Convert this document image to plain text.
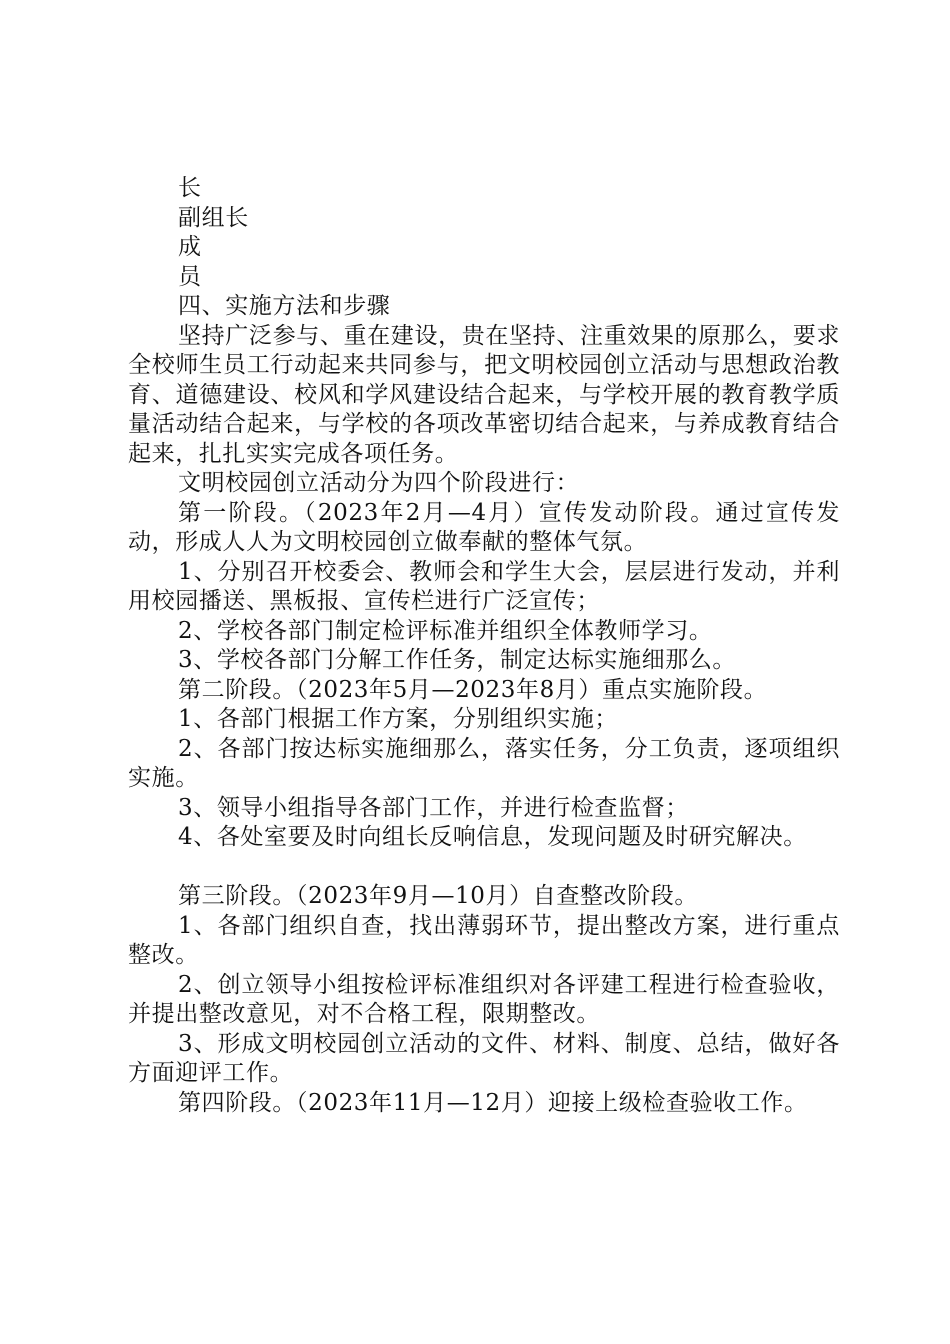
长

副组长

成

员

四、实施方法和步骤

坚持广泛参与、重在建设，贵在坚持、注重效果的原那么，要求全校师生员工行动起来共同参与，把文明校园创立活动与思想政治教育、道德建设、校风和学风建设结合起来，与学校开展的教育教学质量活动结合起来，与学校的各项改革密切结合起来，与养成教育结合起来，扎扎实实完成各项任务。

文明校园创立活动分为四个阶段进行：

第一阶段。（2023年2月—4月）宣传发动阶段。通过宣传发动，形成人人为文明校园创立做奉献的整体气氛。

1、分别召开校委会、教师会和学生大会，层层进行发动，并利用校园播送、黑板报、宣传栏进行广泛宣传；

2、学校各部门制定检评标准并组织全体教师学习。

3、学校各部门分解工作任务，制定达标实施细那么。

第二阶段。（2023年5月—2023年8月）重点实施阶段。

1、各部门根据工作方案，分别组织实施；

2、各部门按达标实施细那么，落实任务，分工负责，逐项组织实施。

3、领导小组指导各部门工作，并进行检查监督；

4、各处室要及时向组长反响信息，发现问题及时研究解决。

第三阶段。（2023年9月—10月）自查整改阶段。

1、各部门组织自查，找出薄弱环节，提出整改方案，进行重点整改。

2、创立领导小组按检评标准组织对各评建工程进行检查验收，并提出整改意见，对不合格工程，限期整改。

3、形成文明校园创立活动的文件、材料、制度、总结，做好各方面迎评工作。

第四阶段。（2023年11月—12月）迎接上级检查验收工作。
